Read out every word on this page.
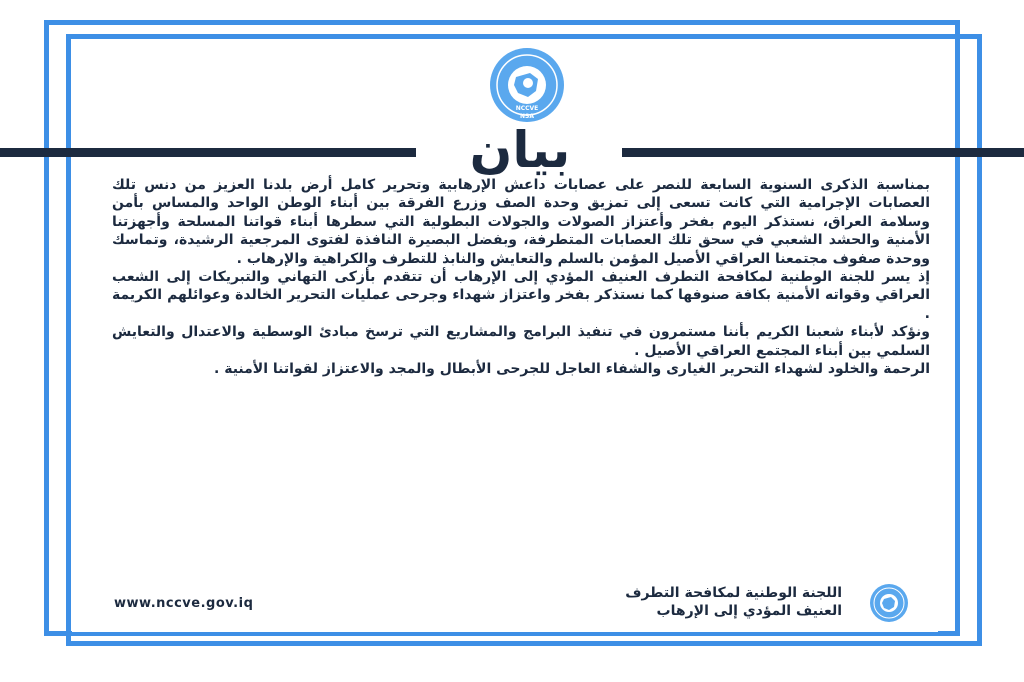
NCCVE
NSA
بيان

بمناسبة الذكرى السنوية السابعة للنصر على عصابات داعش الإرهابية وتحرير كامل أرض بلدنا العزيز من دنس تلك العصابات الإجرامية التي كانت تسعى إلى تمزيق وحدة الصف وزرع الفرقة بين أبناء الوطن الواحد والمساس بأمن وسلامة العراق، نستذكر اليوم بفخر وأعتزاز الصولات والجولات البطولية التي سطرها أبناء قواتنا المسلحة وأجهزتنا الأمنية والحشد الشعبي في سحق تلك العصابات المتطرفة، وبفضل البصيرة النافذة لفتوى المرجعية الرشيدة، وتماسك ووحدة صفوف مجتمعنا العراقي الأصيل المؤمن بالسلم والتعايش والنابذ للتطرف والكراهية والإرهاب .

إذ يسر للجنة الوطنية لمكافحة التطرف العنيف المؤدي إلى الإرهاب أن تتقدم بأزكى التهاني والتبريكات إلى الشعب العراقي وقواته الأمنية بكافة صنوفها كما نستذكر بفخر واعتزاز شهداء وجرحى عمليات التحرير الخالدة وعوائلهم الكريمة .

ونؤكد لأبناء شعبنا الكريم بأننا مستمرون في تنفيذ البرامج والمشاريع التي ترسخ مبادئ الوسطية والاعتدال والتعايش السلمي بين أبناء المجتمع العراقي الأصيل .

الرحمة والخلود لشهداء التحرير الغيارى والشفاء العاجل للجرحى الأبطال والمجد والاعتزاز لقواتنا الأمنية .

اللجنة الوطنية لمكافحة التطرف
العنيف المؤدي إلى الإرهاب
www.nccve.gov.iq
